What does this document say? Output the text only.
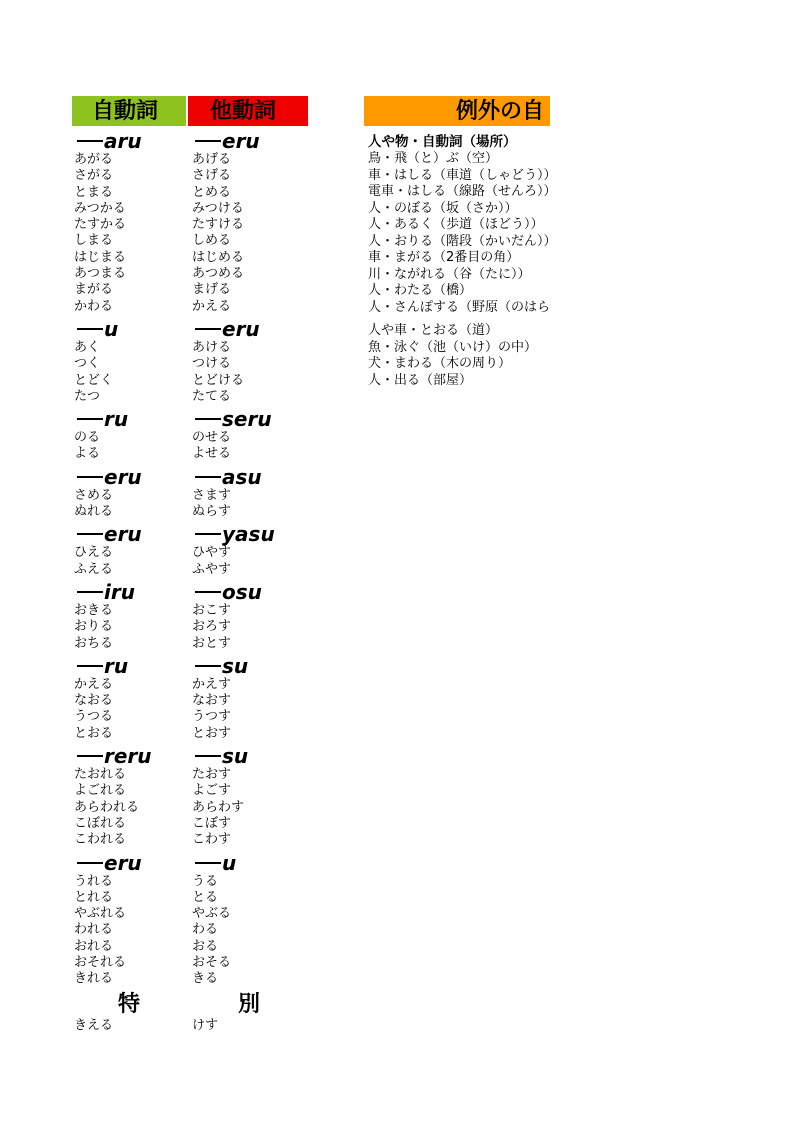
自動詞	他動詞	例外の自
aru
あがる
さがる
とまる
みつかる
たすかる
しまる
はじまる
あつまる
まがる
かわる
u
あく
つく
とどく
たつ
ru
のる
よる
eru
さめる
ぬれる
eru
ひえる
ふえる
iru
おきる
おりる
おちる
ru
かえる
なおる
うつる
とおる
reru
たおれる
よごれる
あらわれる
こぼれる
こわれる
eru
うれる
とれる
やぶれる
われる
おれる
おそれる
きれる
特
きえる
eru
あげる
さげる
とめる
みつける
たすける
しめる
はじめる
あつめる
まげる
かえる
eru
あける
つける
とどける
たてる
seru
のせる
よせる
asu
さます
ぬらす
yasu
ひやす
ふやす
osu
おこす
おろす
おとす
su
かえす
なおす
うつす
とおす
su
たおす
よごす
あらわす
こぼす
こわす
u
うる
とる
やぶる
わる
おる
おそる
きる
別
けす
人や物・自動詞（場所）
鳥・飛（と）ぶ（空）
車・はしる（車道（しゃどう））
電車・はしる（線路（せんろ））
人・のぼる（坂（さか））
人・あるく（歩道（ほどう））
人・おりる（階段（かいだん））
車・まがる（2番目の角）
川・ながれる（谷（たに））
人・わたる（橋）
人・さんぽする（野原（のはら
人や車・とおる（道）
魚・泳ぐ（池（いけ）の中）
犬・まわる（木の周り）
人・出る（部屋）
